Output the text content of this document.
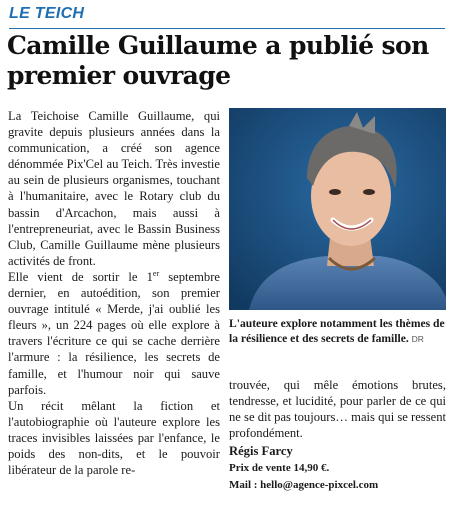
LE TEICH
Camille Guillaume a publié son premier ouvrage

La Teichoise Camille Guillaume, qui gravite depuis plusieurs années dans la communication, a créé son agence dénommée Pix'Cel au Teich. Très investie au sein de plusieurs organismes, touchant à l'humanitaire, avec le Rotary club du bassin d'Arcachon, mais aussi à l'entrepreneuriat, avec le Bassin Business Club, Camille Guillaume mène plusieurs activités de front.

Elle vient de sortir le 1er septembre dernier, en autoédition, son premier ouvrage intitulé « Merde, j'ai oublié les fleurs », un 224 pages où elle explore à travers l'écriture ce qui se cache derrière l'armure : la résilience, les secrets de famille, et l'humour noir qui sauve parfois.

Un récit mêlant la fiction et l'autobiographie où l'auteure explore les traces invisibles laissées par l'enfance, le poids des non-dits, et le pouvoir libérateur de la parole re-

L'auteure explore notamment les thèmes de la résilience et des secrets de famille. DR

trouvée, qui mêle émotions brutes, tendresse, et lucidité, pour parler de ce qui ne se dit pas toujours… mais qui se ressent profondément.

Régis Farcy

Prix de vente 14,90 €.

Mail : hello@agence-pixcel.com
